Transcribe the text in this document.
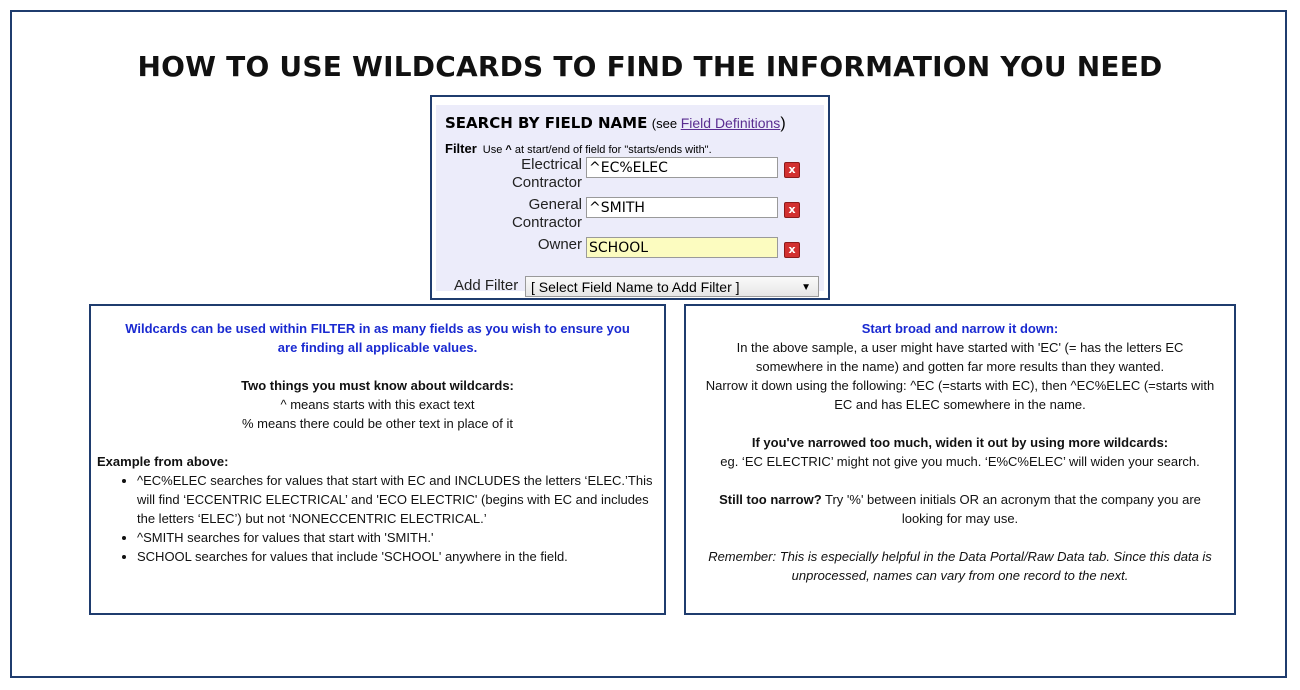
HOW TO USE WILDCARDS TO FIND THE INFORMATION YOU NEED
SEARCH BY FIELD NAME (see Field Definitions)
Filter Use ^ at start/end of field for "starts/ends with".
Electrical
Contractor
^EC%ELEC	x
General
Contractor
^SMITH	x
Owner SCHOOL	x
Add Filter [ Select Field Name to Add Filter ]	▼
Wildcards can be used within FILTER in as many fields as you wish to ensure you are finding all applicable values.
Two things you must know about wildcards:
^ means starts with this exact text
% means there could be other text in place of it
Example from above:
• ^EC%ELEC searches for values that start with EC and INCLUDES the letters ‘ELEC.’This will find ‘ECCENTRIC ELECTRICAL’ and 'ECO ELECTRIC' (begins with EC and includes the letters ‘ELEC’) but not ‘NONECCENTRIC ELECTRICAL.’
• ^SMITH searches for values that start with 'SMITH.'
• SCHOOL searches for values that include 'SCHOOL' anywhere in the field.
Start broad and narrow it down:
In the above sample, a user might have started with 'EC' (= has the letters EC somewhere in the name) and gotten far more results than they wanted.
Narrow it down using the following: ^EC (=starts with EC), then ^EC%ELEC (=starts with EC and has ELEC somewhere in the name.
If you've narrowed too much, widen it out by using more wildcards:
eg. ‘EC ELECTRIC’ might not give you much. ‘E%C%ELEC’ will widen your search.
Still too narrow? Try '%' between initials OR an acronym that the company you are looking for may use.
Remember: This is especially helpful in the Data Portal/Raw Data tab. Since this data is unprocessed, names can vary from one record to the next.
